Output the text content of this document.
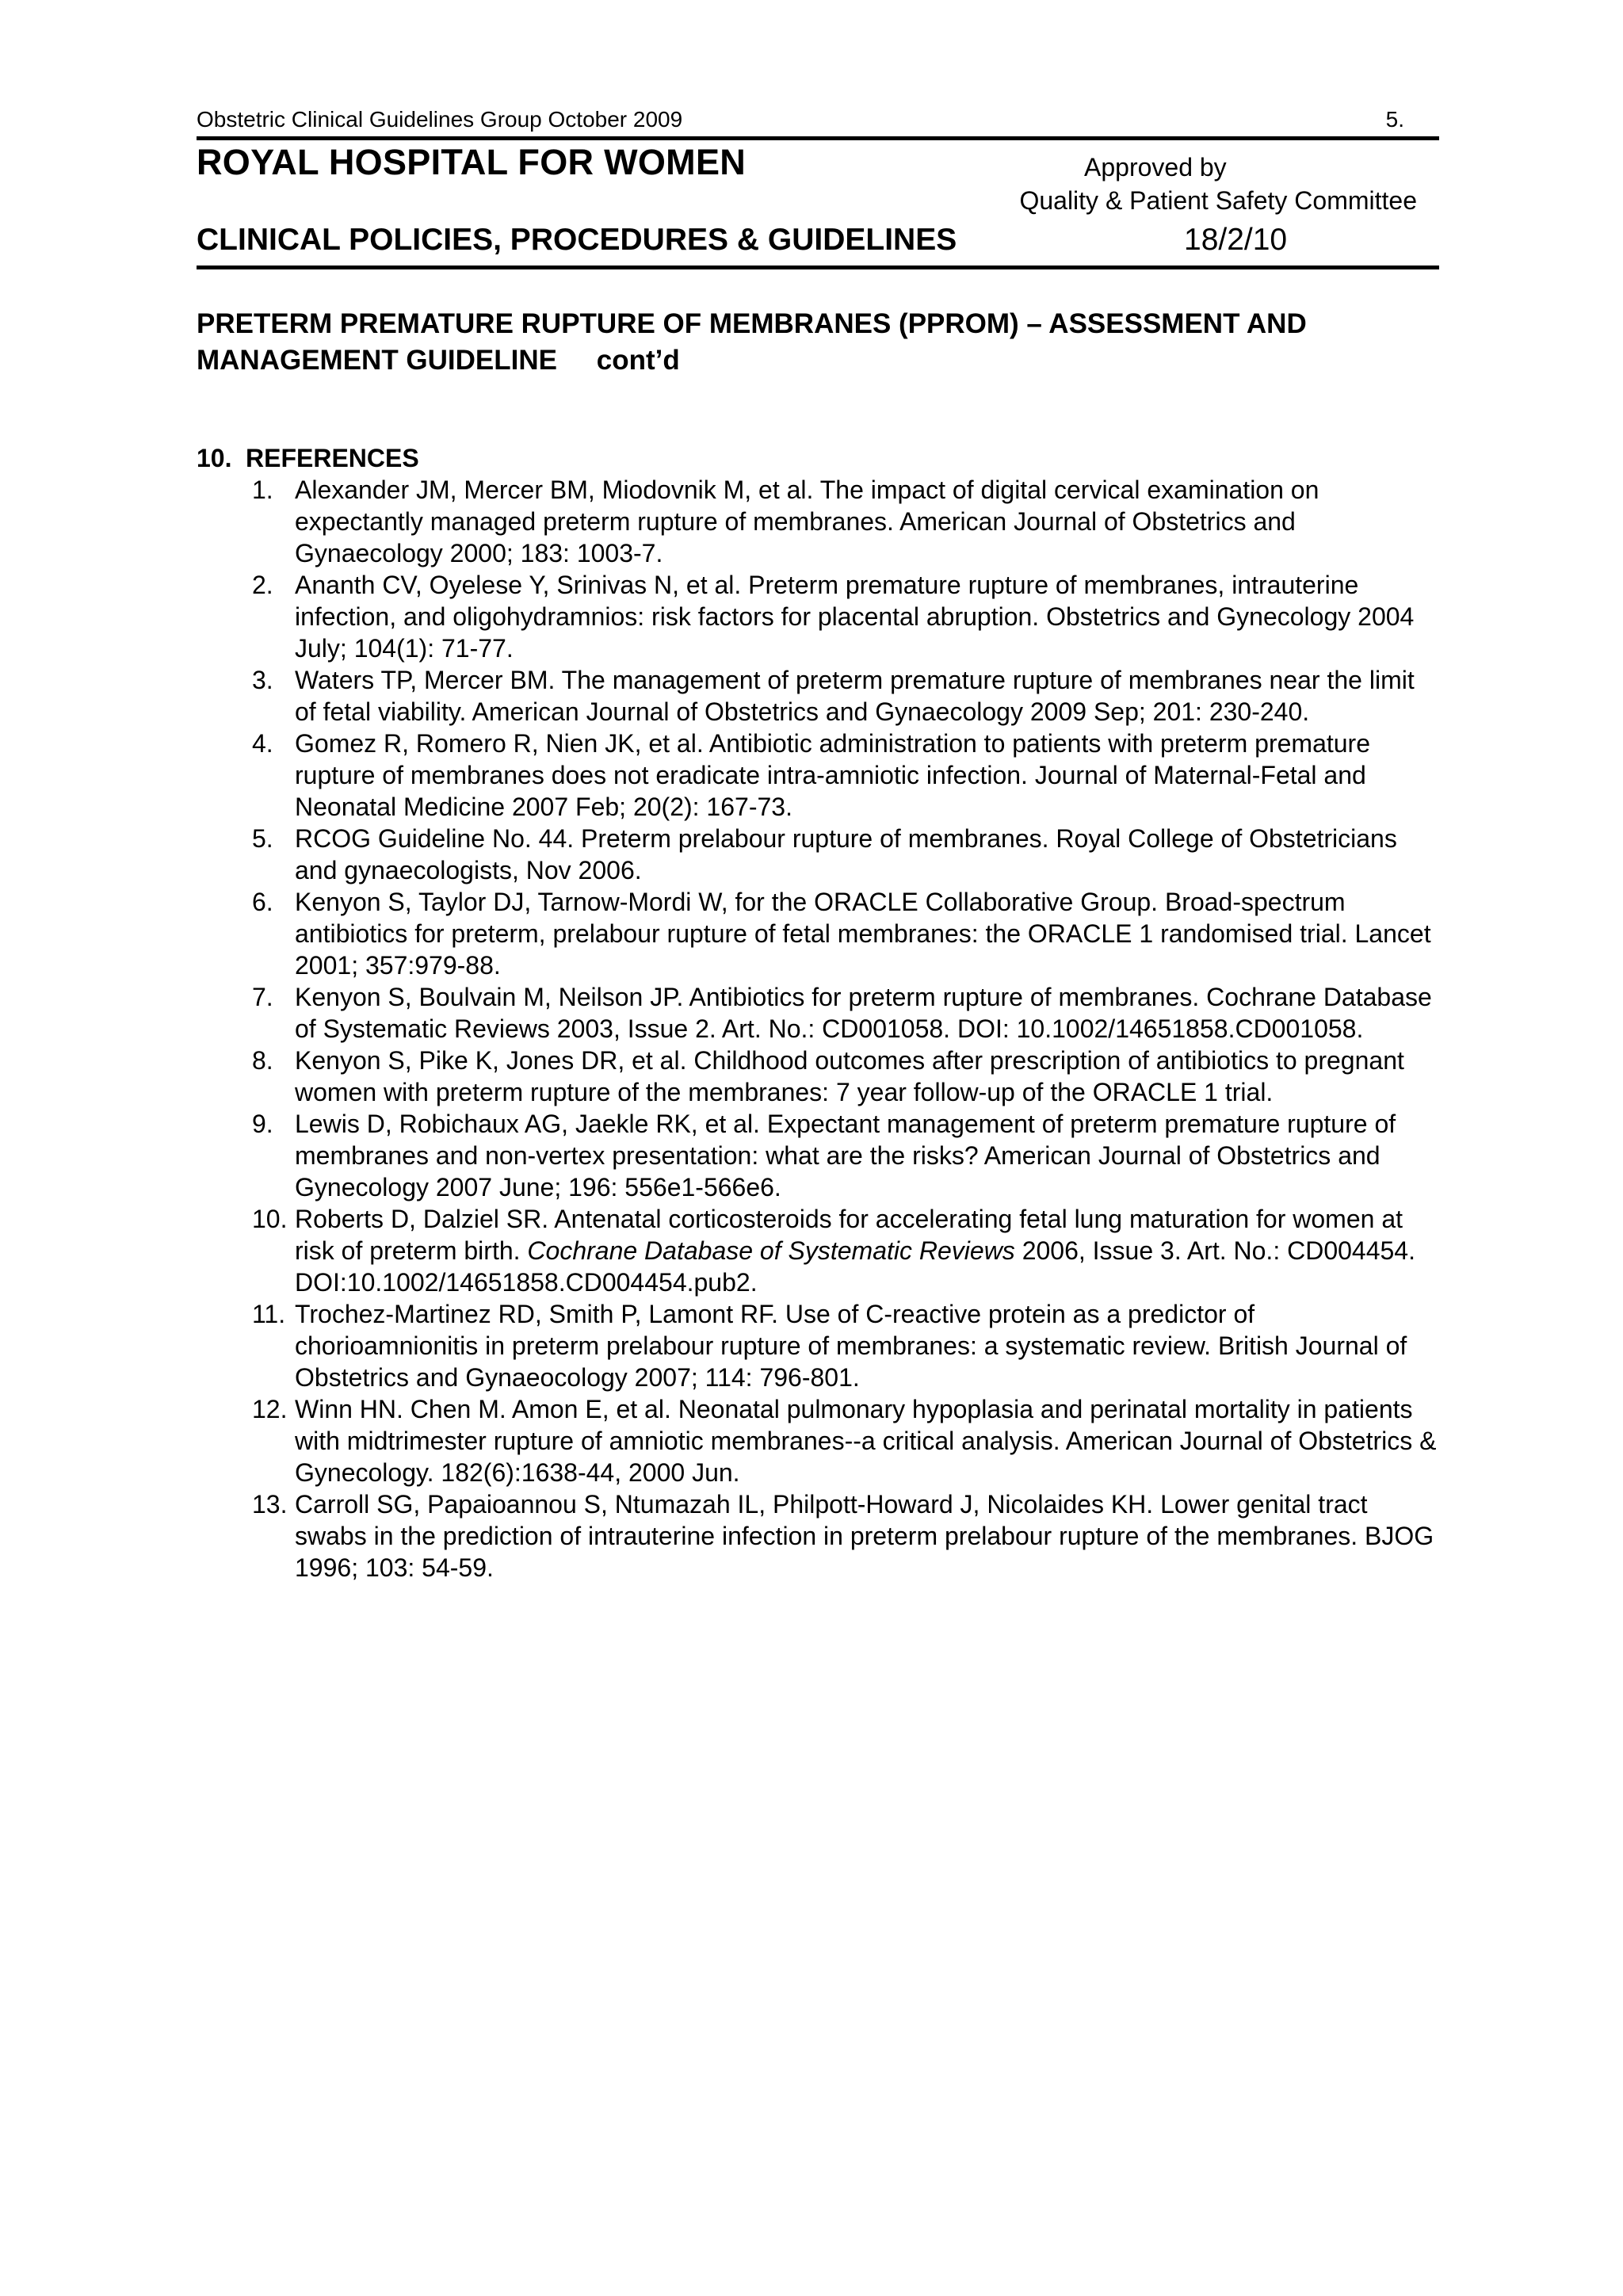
Obstetric Clinical Guidelines Group October 2009	5.
ROYAL HOSPITAL FOR WOMEN	Approved by
Quality & Patient Safety Committee
CLINICAL POLICIES, PROCEDURES & GUIDELINES	18/2/10
PRETERM PREMATURE RUPTURE OF MEMBRANES (PPROM) – ASSESSMENT AND MANAGEMENT GUIDELINE cont’d
10. REFERENCES
1. Alexander JM, Mercer BM, Miodovnik M, et al. The impact of digital cervical examination on expectantly managed preterm rupture of membranes. American Journal of Obstetrics and Gynaecology 2000; 183: 1003-7.
2. Ananth CV, Oyelese Y, Srinivas N, et al. Preterm premature rupture of membranes, intrauterine infection, and oligohydramnios: risk factors for placental abruption. Obstetrics and Gynecology 2004 July; 104(1): 71-77.
3. Waters TP, Mercer BM. The management of preterm premature rupture of membranes near the limit of fetal viability. American Journal of Obstetrics and Gynaecology 2009 Sep; 201: 230-240.
4. Gomez R, Romero R, Nien JK, et al. Antibiotic administration to patients with preterm premature rupture of membranes does not eradicate intra-amniotic infection. Journal of Maternal-Fetal and Neonatal Medicine 2007 Feb; 20(2): 167-73.
5. RCOG Guideline No. 44. Preterm prelabour rupture of membranes. Royal College of Obstetricians and gynaecologists, Nov 2006.
6. Kenyon S, Taylor DJ, Tarnow-Mordi W, for the ORACLE Collaborative Group. Broad-spectrum antibiotics for preterm, prelabour rupture of fetal membranes: the ORACLE 1 randomised trial. Lancet 2001; 357:979-88.
7. Kenyon S, Boulvain M, Neilson JP. Antibiotics for preterm rupture of membranes. Cochrane Database of Systematic Reviews 2003, Issue 2. Art. No.: CD001058. DOI: 10.1002/14651858.CD001058.
8. Kenyon S, Pike K, Jones DR, et al. Childhood outcomes after prescription of antibiotics to pregnant women with preterm rupture of the membranes: 7 year follow-up of the ORACLE 1 trial.
9. Lewis D, Robichaux AG, Jaekle RK, et al. Expectant management of preterm premature rupture of membranes and non-vertex presentation: what are the risks? American Journal of Obstetrics and Gynecology 2007 June; 196: 556e1-566e6.
10. Roberts D, Dalziel SR. Antenatal corticosteroids for accelerating fetal lung maturation for women at risk of preterm birth. Cochrane Database of Systematic Reviews 2006, Issue 3. Art. No.: CD004454. DOI:10.1002/14651858.CD004454.pub2.
11. Trochez-Martinez RD, Smith P, Lamont RF. Use of C-reactive protein as a predictor of chorioamnionitis in preterm prelabour rupture of membranes: a systematic review. British Journal of Obstetrics and Gynaeocology 2007; 114: 796-801.
12. Winn HN. Chen M. Amon E, et al. Neonatal pulmonary hypoplasia and perinatal mortality in patients with midtrimester rupture of amniotic membranes--a critical analysis. American Journal of Obstetrics & Gynecology. 182(6):1638-44, 2000 Jun.
13. Carroll SG, Papaioannou S, Ntumazah IL, Philpott-Howard J, Nicolaides KH. Lower genital tract swabs in the prediction of intrauterine infection in preterm prelabour rupture of the membranes. BJOG 1996; 103: 54-59.
